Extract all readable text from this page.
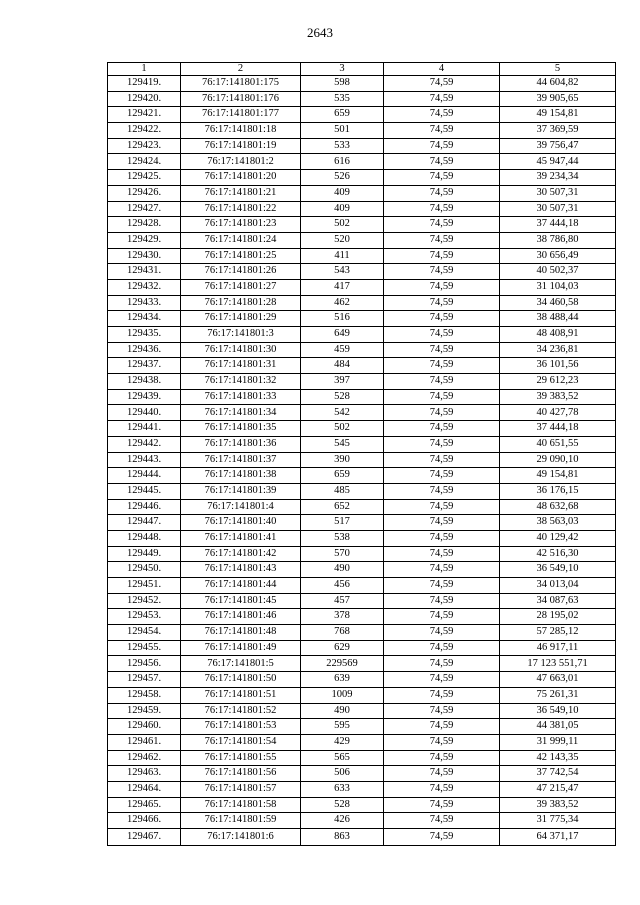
2643
1	2	3	4	5
129419.	76:17:141801:175	598	74,59	44 604,82
129420.	76:17:141801:176	535	74,59	39 905,65
129421.	76:17:141801:177	659	74,59	49 154,81
129422.	76:17:141801:18	501	74,59	37 369,59
129423.	76:17:141801:19	533	74,59	39 756,47
129424.	76:17:141801:2	616	74,59	45 947,44
129425.	76:17:141801:20	526	74,59	39 234,34
129426.	76:17:141801:21	409	74,59	30 507,31
129427.	76:17:141801:22	409	74,59	30 507,31
129428.	76:17:141801:23	502	74,59	37 444,18
129429.	76:17:141801:24	520	74,59	38 786,80
129430.	76:17:141801:25	411	74,59	30 656,49
129431.	76:17:141801:26	543	74,59	40 502,37
129432.	76:17:141801:27	417	74,59	31 104,03
129433.	76:17:141801:28	462	74,59	34 460,58
129434.	76:17:141801:29	516	74,59	38 488,44
129435.	76:17:141801:3	649	74,59	48 408,91
129436.	76:17:141801:30	459	74,59	34 236,81
129437.	76:17:141801:31	484	74,59	36 101,56
129438.	76:17:141801:32	397	74,59	29 612,23
129439.	76:17:141801:33	528	74,59	39 383,52
129440.	76:17:141801:34	542	74,59	40 427,78
129441.	76:17:141801:35	502	74,59	37 444,18
129442.	76:17:141801:36	545	74,59	40 651,55
129443.	76:17:141801:37	390	74,59	29 090,10
129444.	76:17:141801:38	659	74,59	49 154,81
129445.	76:17:141801:39	485	74,59	36 176,15
129446.	76:17:141801:4	652	74,59	48 632,68
129447.	76:17:141801:40	517	74,59	38 563,03
129448.	76:17:141801:41	538	74,59	40 129,42
129449.	76:17:141801:42	570	74,59	42 516,30
129450.	76:17:141801:43	490	74,59	36 549,10
129451.	76:17:141801:44	456	74,59	34 013,04
129452.	76:17:141801:45	457	74,59	34 087,63
129453.	76:17:141801:46	378	74,59	28 195,02
129454.	76:17:141801:48	768	74,59	57 285,12
129455.	76:17:141801:49	629	74,59	46 917,11
129456.	76:17:141801:5	229569	74,59	17 123 551,71
129457.	76:17:141801:50	639	74,59	47 663,01
129458.	76:17:141801:51	1009	74,59	75 261,31
129459.	76:17:141801:52	490	74,59	36 549,10
129460.	76:17:141801:53	595	74,59	44 381,05
129461.	76:17:141801:54	429	74,59	31 999,11
129462.	76:17:141801:55	565	74,59	42 143,35
129463.	76:17:141801:56	506	74,59	37 742,54
129464.	76:17:141801:57	633	74,59	47 215,47
129465.	76:17:141801:58	528	74,59	39 383,52
129466.	76:17:141801:59	426	74,59	31 775,34
129467.	76:17:141801:6	863	74,59	64 371,17
